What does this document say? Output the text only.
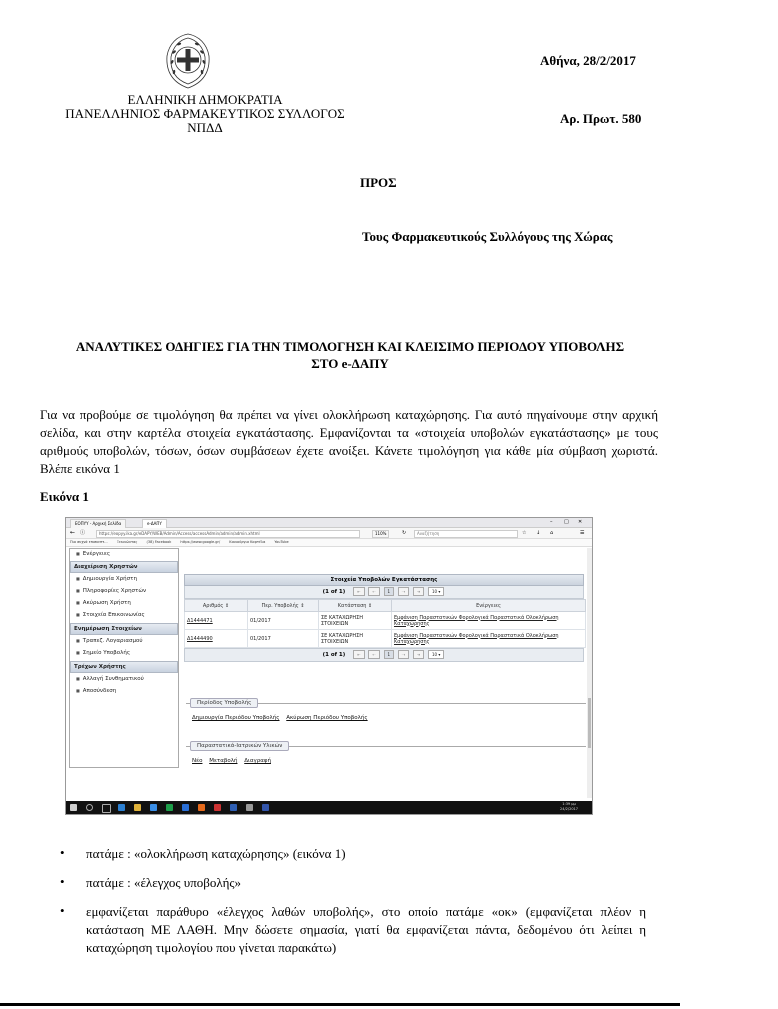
ΕΛΛΗΝΙΚΗ ΔΗΜΟΚΡΑΤΙΑ
ΠΑΝΕΛΛΗΝΙΟΣ ΦΑΡΜΑΚΕΥΤΙΚΟΣ ΣΥΛΛΟΓΟΣ
ΝΠΔΔ
Αθήνα, 28/2/2017
Αρ. Πρωτ. 580
ΠΡΟΣ
Τους Φαρμακευτικούς Συλλόγους της Χώρας
ΑΝΑΛΥΤΙΚΕΣ ΟΔΗΓΙΕΣ ΓΙΑ ΤΗΝ ΤΙΜΟΛΟΓΗΣΗ ΚΑΙ ΚΛΕΙΣΙΜΟ ΠΕΡΙΟΔΟΥ ΥΠΟΒΟΛΗΣ
ΣΤΟ e-ΔΑΠΥ
Για να προβούμε σε τιμολόγηση θα πρέπει να γίνει ολοκλήρωση καταχώρησης. Για αυτό πηγαίνουμε στην αρχική σελίδα, και στην καρτέλα στοιχεία εγκατάστασης. Εμφανίζονται τα «στοιχεία υποβολών εγκατάστασης» με τους αριθμούς υποβολών, τόσων, όσων συμβάσεων έχετε ανοίξει. Κάνετε τιμολόγηση για κάθε μία σύμβαση χωριστά. Βλέπε εικόνα 1
Εικόνα 1
ΕΟΠΥΥ - Αρχική Σελίδα	e-ΔΑΠΥ	– □ ✕
← ⓘ	https://eopyy.ika.gr/eDAPY/WEB/Admin/Access/accessAdmin/admin/admin.xhtml	110%	↻	Αναζήτηση	☆ ↓ ⌂	☰
Πιο συχνά επισκεπτ...	Ξεκινώντας	(38) Facebook	https://www.google.gr/	Καινούργια Καρτέλα	YouTube
■ Ενέργειες
Διαχείριση Χρηστών
■ Δημιουργία Χρήστη
■ Πληροφορίες Χρηστών
■ Ακύρωση Χρήστη
■ Στοιχεία Επικοινωνίας
Ενημέρωση Στοιχείων
■ Τραπεζ. Λογαριασμού
■ Σημείο Υποβολής
Τρέχων Χρήστης
■ Αλλαγή Συνθηματικού
■ Αποσύνδεση
Στοιχεία Υποβολών Εγκατάστασης
(1 of 1)	⇤	⇠	1	⇢	⇥	10 ▾
Αριθμός ⇕	Περ. Υποβολής ⇕	Κατάσταση ⇕	Ενέργειες
Δ1444471	01/2017	ΣΕ ΚΑΤΑΧΩΡΗΣΗ ΣΤΟΙΧΕΙΩΝ	Εμφάνιση Παραστατικών Φορολογικά Παραστατικά Ολοκλήρωση Καταχώρησης
Δ1444490	01/2017	ΣΕ ΚΑΤΑΧΩΡΗΣΗ ΣΤΟΙΧΕΙΩΝ	Εμφάνιση Παραστατικών Φορολογικά Παραστατικά Ολοκλήρωση Καταχώρησης
(1 of 1)	⇤	⇠	1	⇢	⇥	10 ▾
Περίοδος Υποβολής
Δημιουργία Περιόδου Υποβολής Ακύρωση Περιόδου Υποβολής
Παραστατικά-Ιατρικών Υλικών
Νέο Μεταβολή Διαγραφή
1:39 μμ
24/2/2017
• πατάμε : «ολοκλήρωση καταχώρησης» (εικόνα 1)
• πατάμε : «έλεγχος υποβολής»
• εμφανίζεται παράθυρο «έλεγχος λαθών υποβολής», στο οποίο πατάμε «οκ» (εμφανίζεται πλέον η κατάσταση ΜΕ ΛΑΘΗ. Μην δώσετε σημασία, γιατί θα εμφανίζεται πάντα, δεδομένου ότι λείπει η καταχώρηση τιμολογίου που γίνεται παρακάτω)
